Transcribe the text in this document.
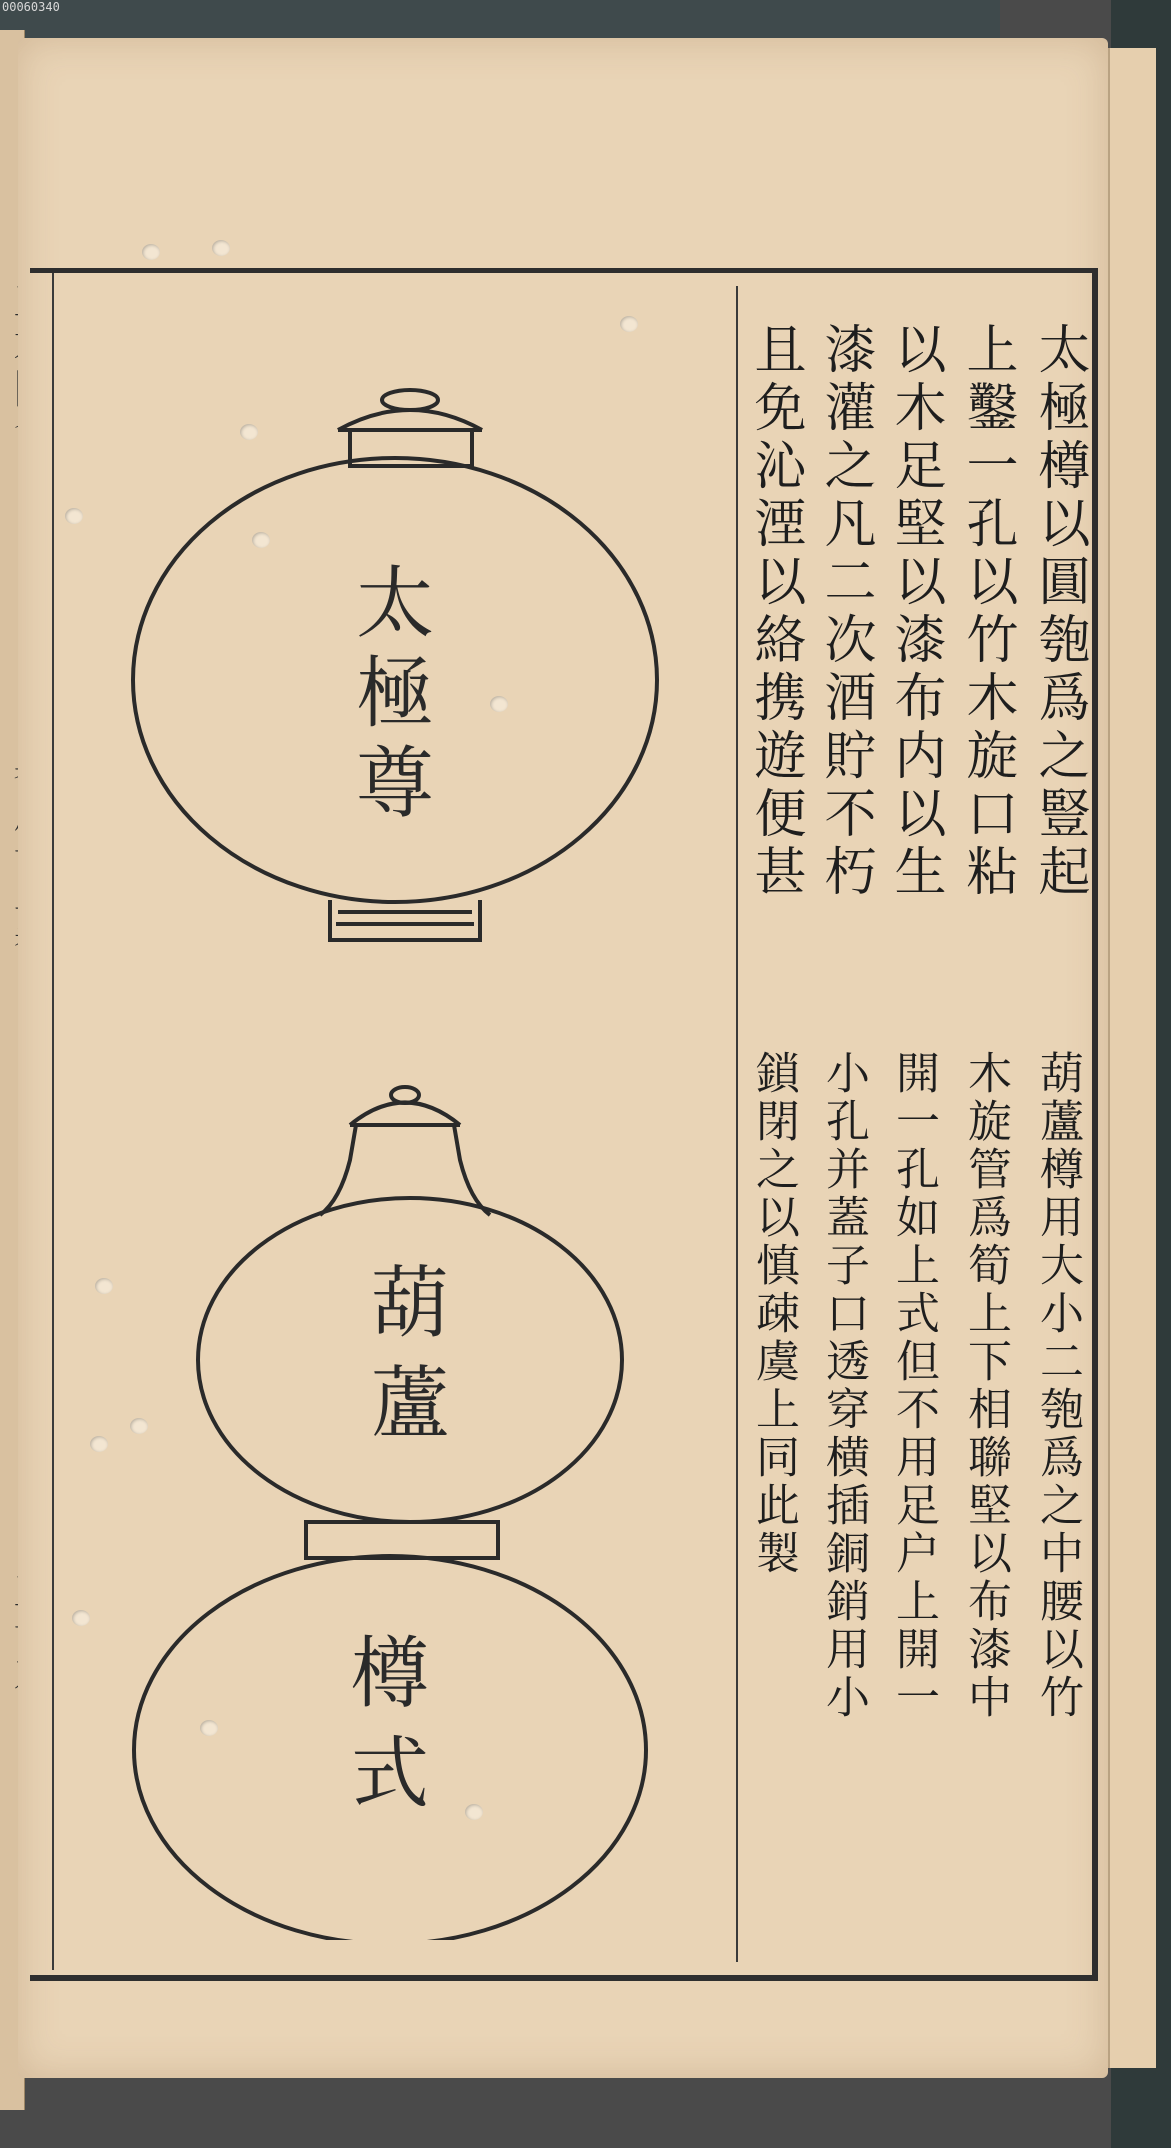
00060340
太極樽以圓匏爲之豎起
上鑿一孔以竹木旋口粘
以木足堅以漆布内以生
漆灌之凡二次酒貯不朽
且免沁湮以絡携遊便甚
葫蘆樽用大小二匏爲之中腰以竹
木旋管爲筍上下相聯堅以布漆中
開一孔如上式但不用足户上開一
小孔并蓋子口透穿横插銅銷用小
鎖閉之以慎疎虞上同此製
太
極
尊
葫
蘆
樽
式
